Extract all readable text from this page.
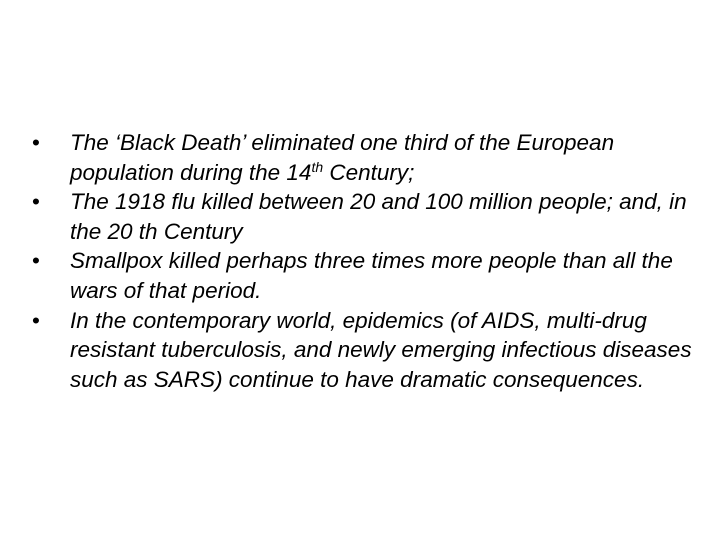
• The ‘Black Death’ eliminated one third of the European population during the 14th Century;
• The 1918 flu killed between 20 and 100 million people; and, in the 20 th Century
• Smallpox killed perhaps three times more people than all the wars of that period.
• In the contemporary world, epidemics (of AIDS, multi-drug resistant tuberculosis, and newly emerging infectious diseases such as SARS) continue to have dramatic consequences.
